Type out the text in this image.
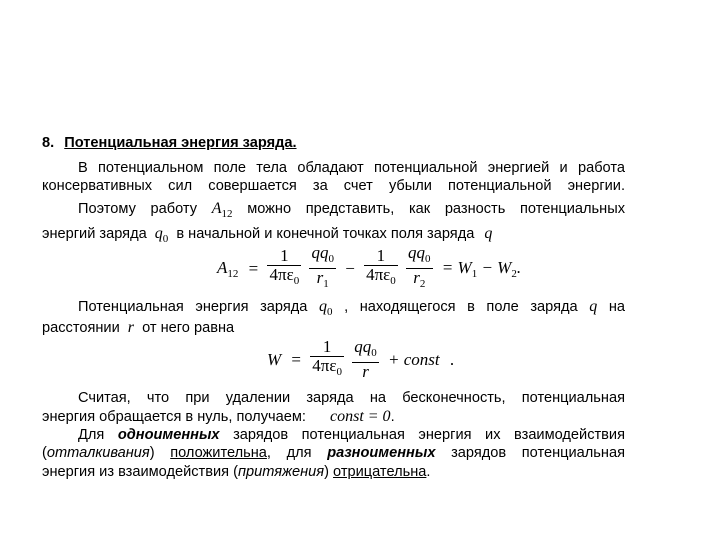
8. Потенциальная энергия заряда.
В потенциальном поле тела обладают потенциальной энергией и работа
консервативных сил совершается за счет убыли потенциальной энергии.
Поэтому работу $A_{12}$ можно представить, как разность потенциальных
энергий заряда $q_0$ в начальной и конечной точках поля заряда q
$A_{12} = \frac{1}{4\pi\varepsilon_0}$
$\frac{qq_0}{r_1} - \frac{1}{4\pi\varepsilon_0}$
$\frac{qq_0}{r_2} = W_1 - W_2$.
Потенциальная энергия заряда $q_0$ , находящегося в поле заряда q на
расстоянии r от него равна
$W = \frac{1}{4\pi\varepsilon_0}$
$\frac{qq_0}{r}$ + const .
Считая, что при удалении заряда на бесконечность, потенциальная
энергия обращается в нуль, получаем: const = 0.
Для одноименных зарядов потенциальная энергия их взаимодействия
(отталкивания) положительна, для разноименных зарядов потенциальная
энергия из взаимодействия (притяжения) отрицательна.
